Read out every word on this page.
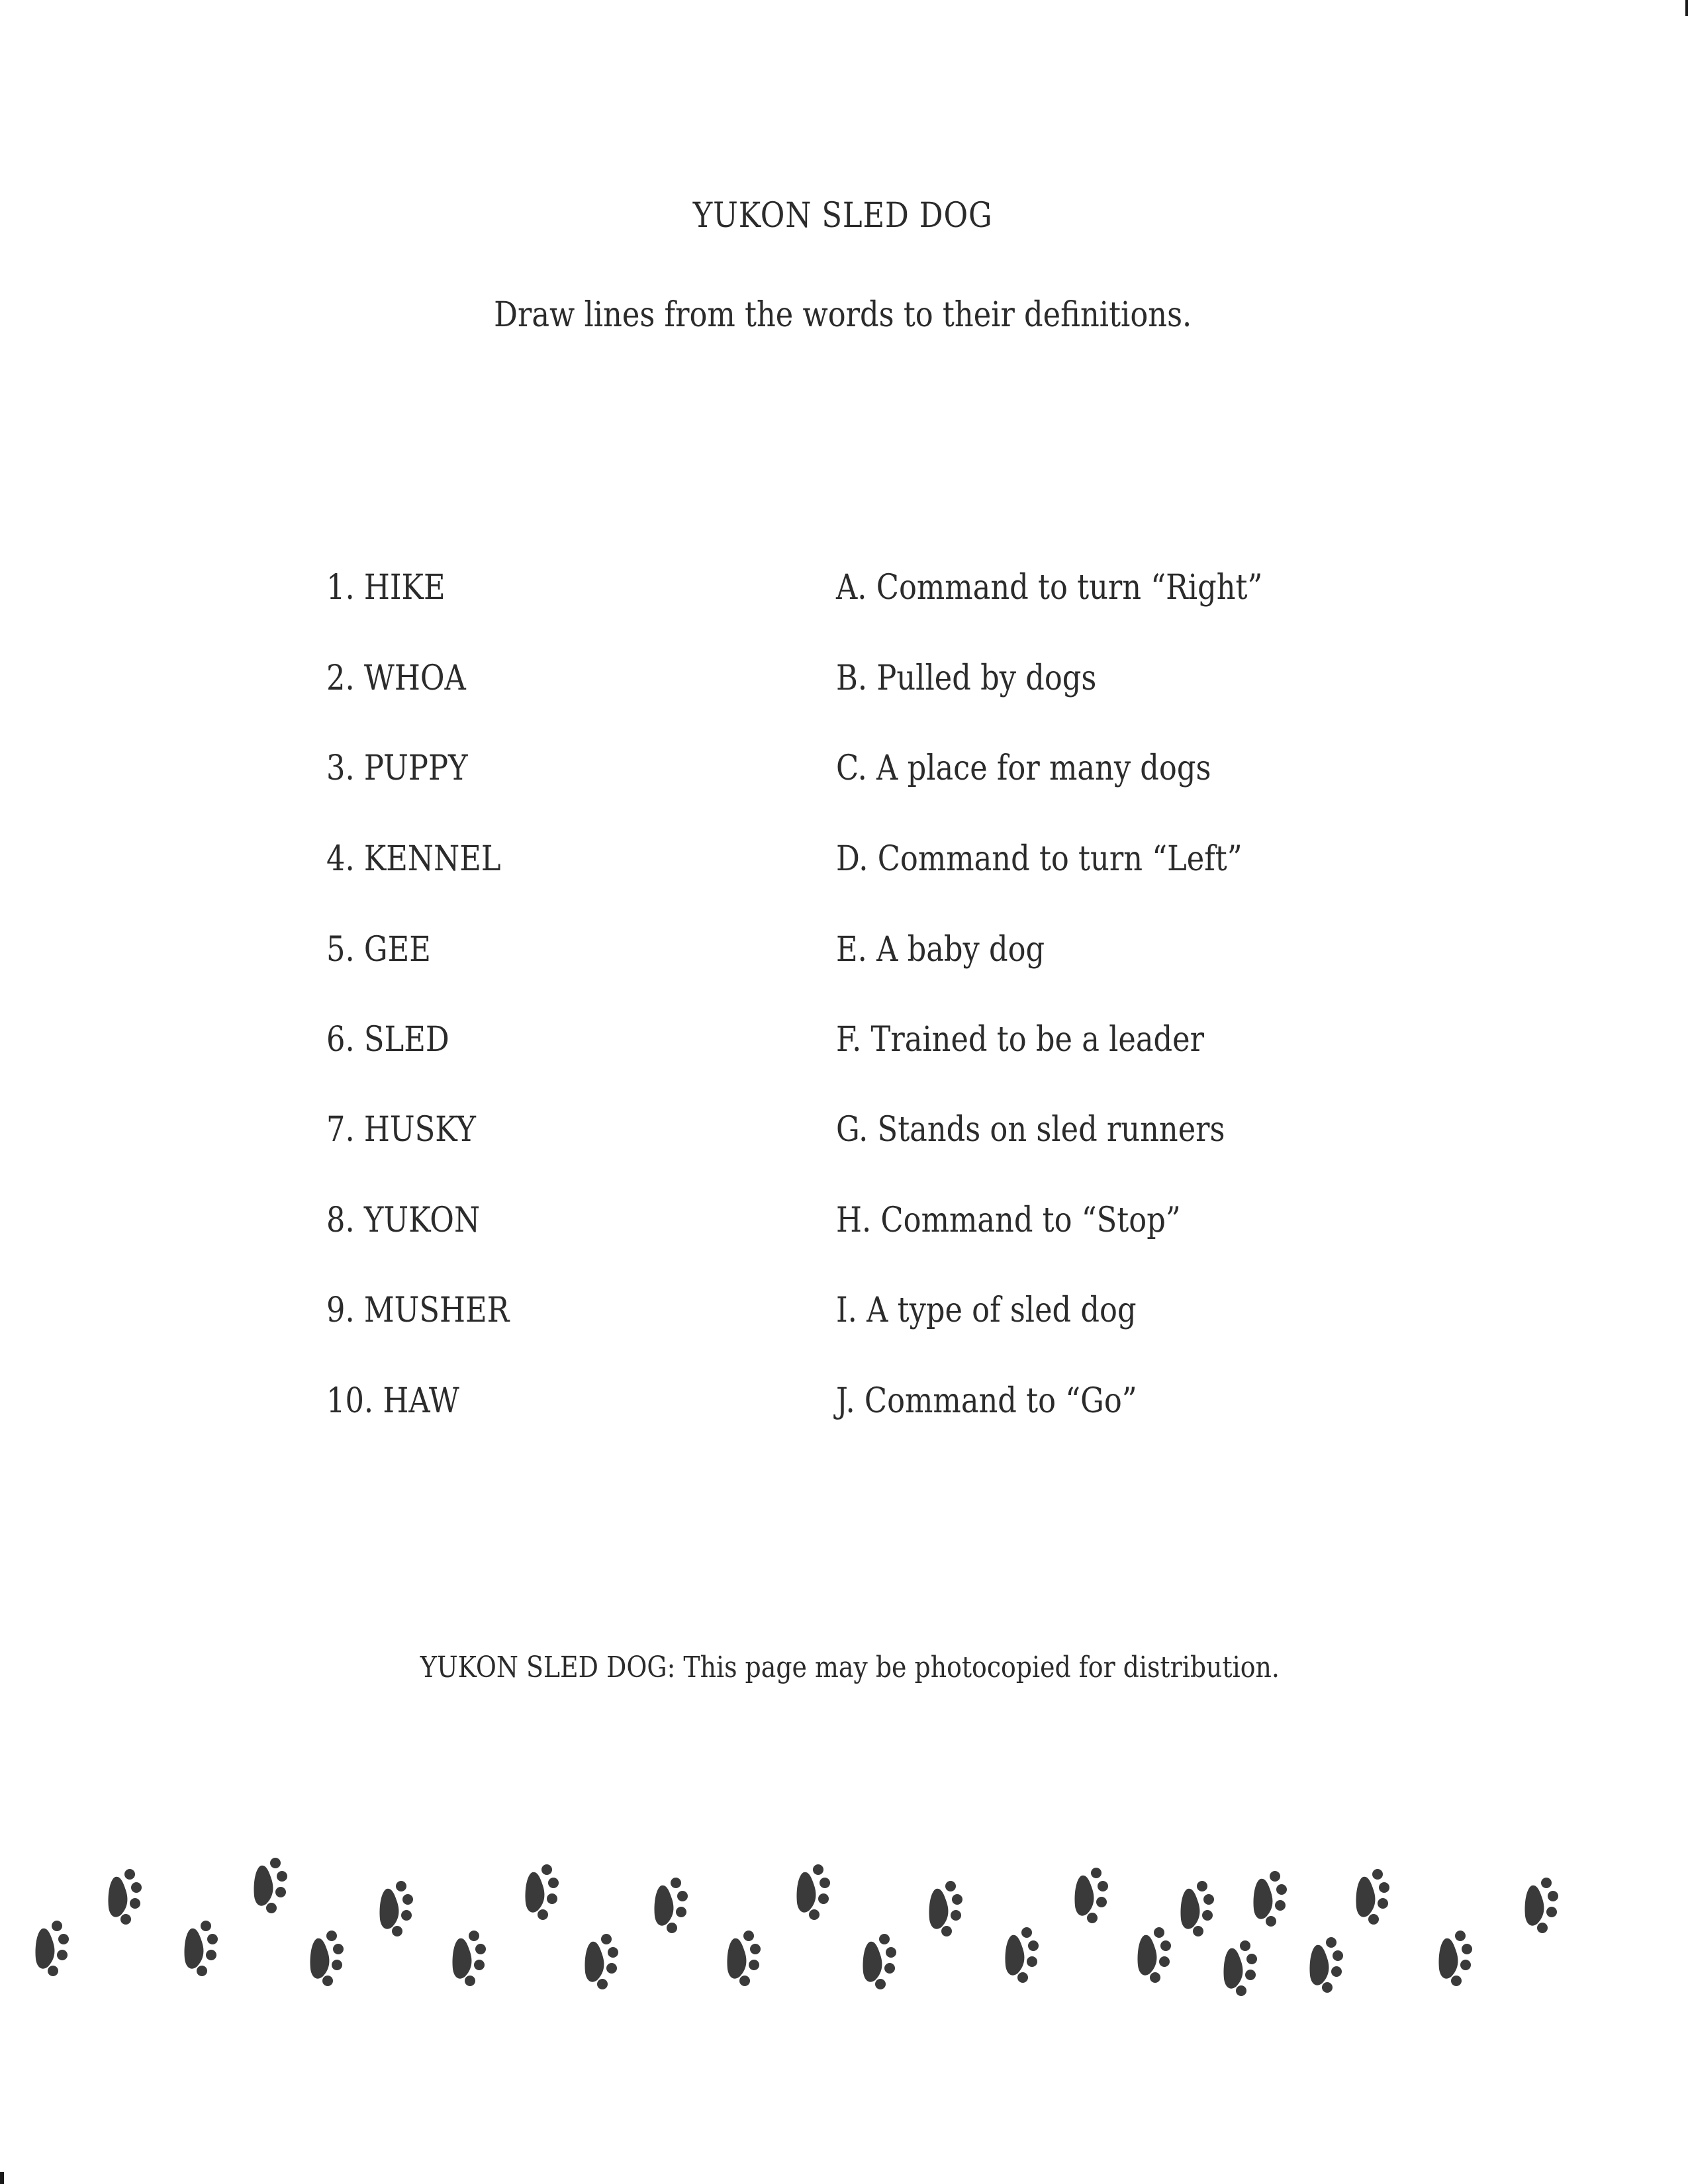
YUKON SLED DOG
Draw lines from the words to their definitions.
1. HIKE	A. Command to turn “Right”
2. WHOA	B. Pulled by dogs
3. PUPPY	C. A place for many dogs
4. KENNEL	D. Command to turn “Left”
5. GEE	E. A baby dog
6. SLED	F. Trained to be a leader
7. HUSKY	G. Stands on sled runners
8. YUKON	H. Command to “Stop”
9. MUSHER	I. A type of sled dog
10. HAW	J. Command to “Go”
YUKON SLED DOG: This page may be photocopied for distribution.
